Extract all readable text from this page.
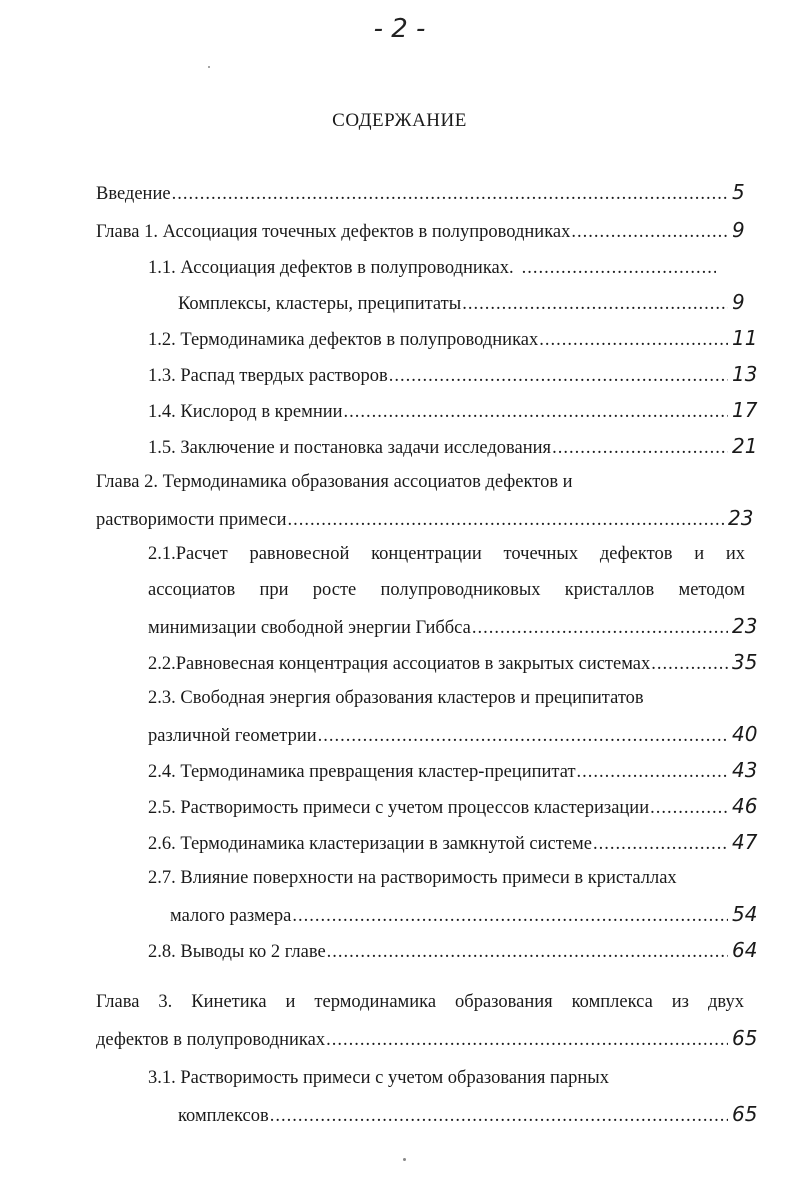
- 2 -
СОДЕРЖАНИЕ
Введение .....	5
Глава 1. Ассоциация точечных дефектов в полупроводниках .....	9
1.1. Ассоциация дефектов в полупроводниках.
.....
Комплексы, кластеры, преципитаты .....	9
1.2. Термодинамика дефектов в полупроводниках .....	11
1.3. Распад твердых растворов .....	13
1.4. Кислород в кремнии .....	17
1.5. Заключение и постановка задачи исследования .....	21
Глава 2. Термодинамика образования ассоциатов дефектов и
растворимости примеси .....	23
2.1.Расчет равновесной концентрации точечных дефектов и их
ассоциатов при росте полупроводниковых кристаллов методом
минимизации свободной энергии Гиббса .....	23
2.2.Равновесная концентрация ассоциатов в закрытых системах .....	35
2.3. Свободная энергия образования кластеров и преципитатов
различной геометрии .....	40
2.4. Термодинамика превращения кластер-преципитат .....	43
2.5. Растворимость примеси с учетом процессов кластеризации .....	46
2.6. Термодинамика кластеризации в замкнутой системе .....	47
2.7. Влияние поверхности на растворимость примеси в кристаллах
малого размера .....	54
2.8. Выводы ко 2 главе .....	64
Глава 3. Кинетика и термодинамика образования комплекса из двух
дефектов в полупроводниках .....	65
3.1. Растворимость примеси с учетом образования парных
комплексов .....	65
